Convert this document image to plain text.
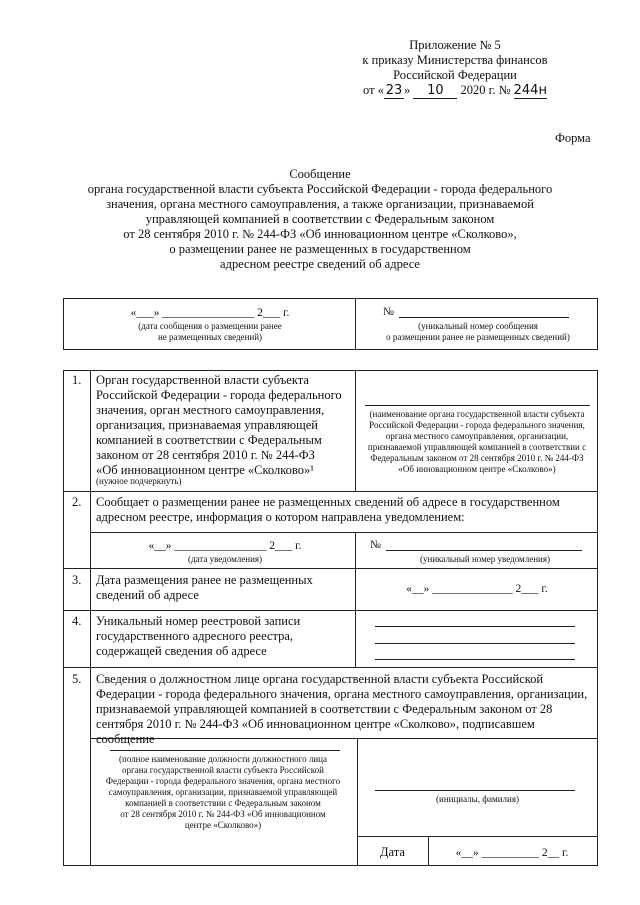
Приложение № 5
к приказу Министерства финансов
Российской Федерации
от « 23 » 10 2020 г. № 244н
Форма
Сообщение
органа государственной власти субъекта Российской Федерации - города федерального
значения, органа местного самоуправления, а также организации, признаваемой
управляющей компанией в соответствии с Федеральным законом
от 28 сентября 2010 г. № 244-ФЗ «Об инновационном центре «Сколково»,
о размещении ранее не размещенных в государственном
адресном реестре сведений об адресе
«___» ________________ 2___ г.
(дата сообщения о размещении ранее
не размещенных сведений)
№
(уникальный номер сообщения
о размещении ранее не размещенных сведений)
1. Орган государственной власти субъекта
Российской Федерации - города федерального
значения, орган местного самоуправления,
организация, признаваемая управляющей
компанией в соответствии с Федеральным
законом от 28 сентября 2010 г. № 244-ФЗ
«Об инновационном центре «Сколково»¹
(нужное подчеркнуть)
(наименование органа государственной власти субъекта
Российской Федерации - города федерального значения,
органа местного самоуправления, организации,
признаваемой управляющей компанией в соответствии с
Федеральным законом от 28 сентября 2010 г. № 244-ФЗ
«Об инновационном центре «Сколково»)
2. Сообщает о размещении ранее не размещенных сведений об адресе в государственном
адресном реестре, информация о котором направлена уведомлением:
«__» ________________ 2___ г.
(дата уведомления)
№
(уникальный номер уведомления)
3. Дата размещения ранее не размещенных
сведений об адресе	«__» ______________ 2___ г.
4. Уникальный номер реестровой записи
государственного адресного реестра,
содержащей сведения об адресе
5. Сведения о должностном лице органа государственной власти субъекта Российской
Федерации - города федерального значения, органа местного самоуправления, организации,
признаваемой управляющей компанией в соответствии с Федеральным законом от 28
сентября 2010 г. № 244-ФЗ «Об инновационном центре «Сколково», подписавшем сообщение
(полное наименование должности должностного лица
органа государственной власти субъекта Российской
Федерации - города федерального значения, органа местного
самоуправления, организации, признаваемой управляющей
компанией в соответствии с Федеральным законом
от 28 сентября 2010 г. № 244-ФЗ «Об инновационном
центре «Сколково»)
(инициалы, фамилия)
Дата	«__» __________ 2__ г.
